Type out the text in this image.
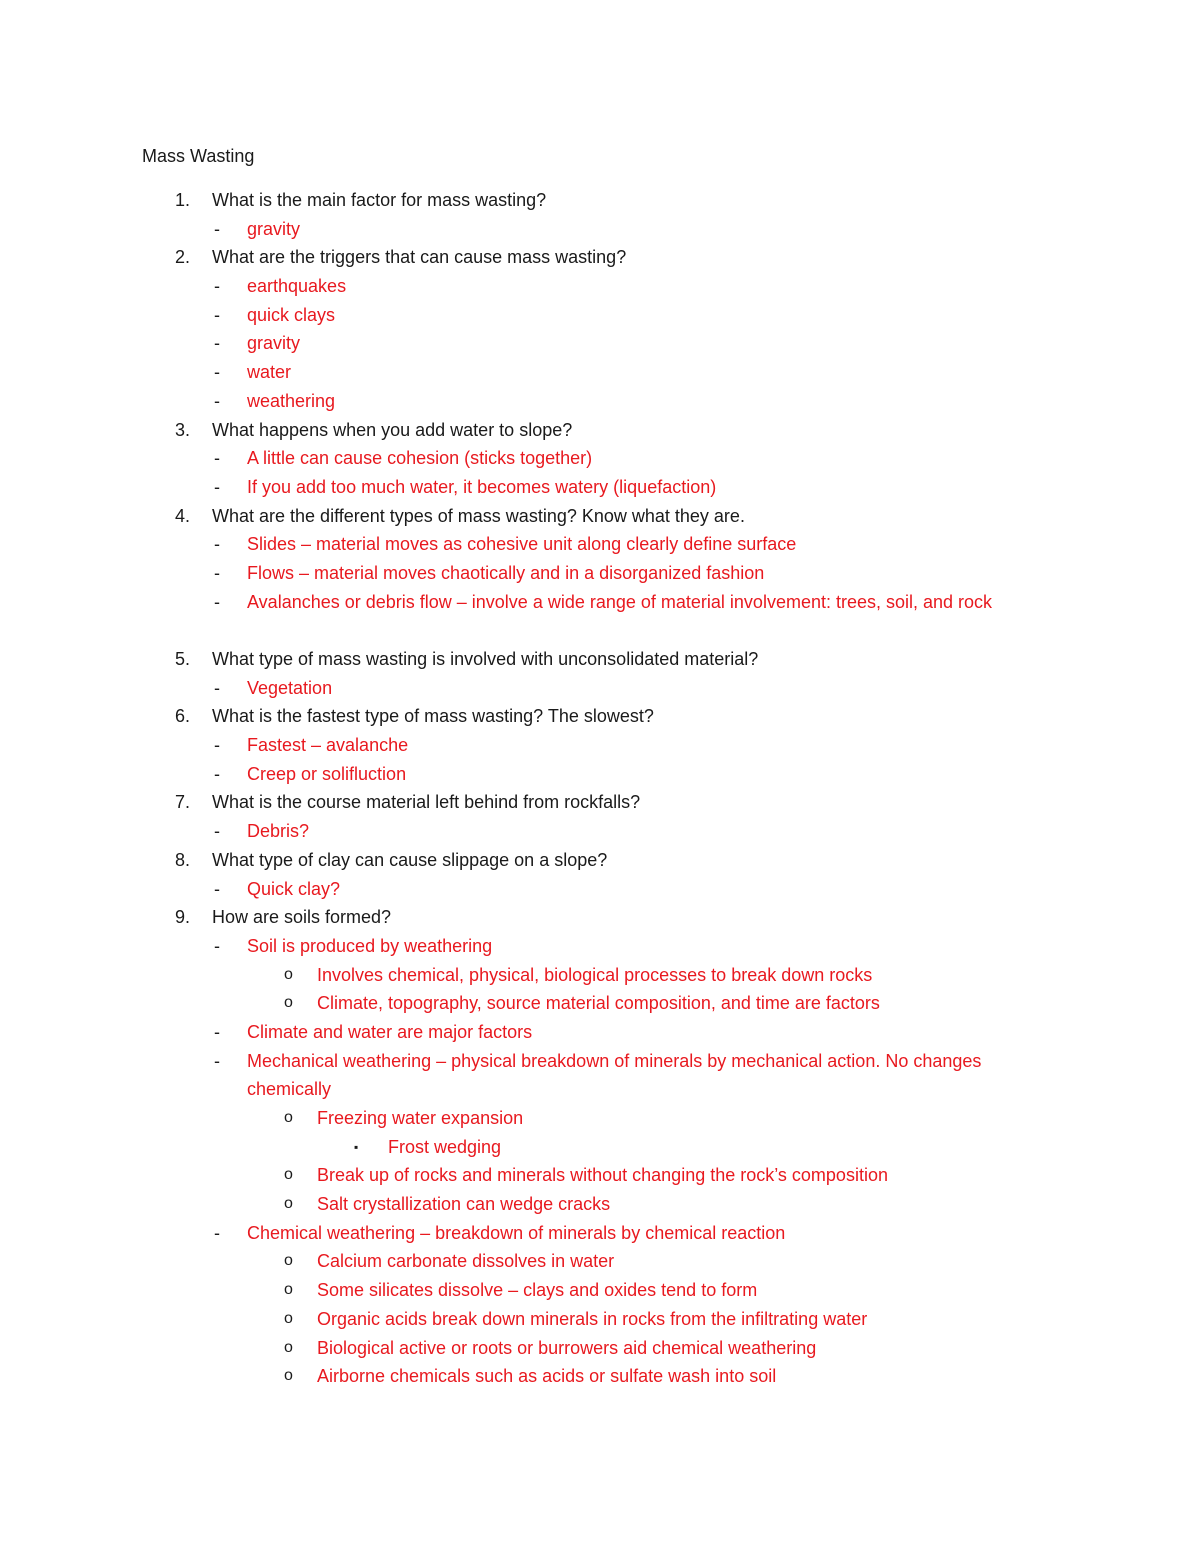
Mass Wasting
1. What is the main factor for mass wasting?
- gravity
2. What are the triggers that can cause mass wasting?
- earthquakes
- quick clays
- gravity
- water
- weathering
3. What happens when you add water to slope?
- A little can cause cohesion (sticks together)
- If you add too much water, it becomes watery (liquefaction)
4. What are the different types of mass wasting? Know what they are.
- Slides – material moves as cohesive unit along clearly define surface
- Flows – material moves chaotically and in a disorganized fashion
- Avalanches or debris flow – involve a wide range of material involvement: trees, soil, and rock
5. What type of mass wasting is involved with unconsolidated material?
- Vegetation
6. What is the fastest type of mass wasting? The slowest?
- Fastest – avalanche
- Creep or solifluction
7. What is the course material left behind from rockfalls?
- Debris?
8. What type of clay can cause slippage on a slope?
- Quick clay?
9. How are soils formed?
- Soil is produced by weathering
o Involves chemical, physical, biological processes to break down rocks
o Climate, topography, source material composition, and time are factors
- Climate and water are major factors
- Mechanical weathering – physical breakdown of minerals by mechanical action. No changes chemically
o Freezing water expansion
▪ Frost wedging
o Break up of rocks and minerals without changing the rock’s composition
o Salt crystallization can wedge cracks
- Chemical weathering – breakdown of minerals by chemical reaction
o Calcium carbonate dissolves in water
o Some silicates dissolve – clays and oxides tend to form
o Organic acids break down minerals in rocks from the infiltrating water
o Biological active or roots or burrowers aid chemical weathering
o Airborne chemicals such as acids or sulfate wash into soil
